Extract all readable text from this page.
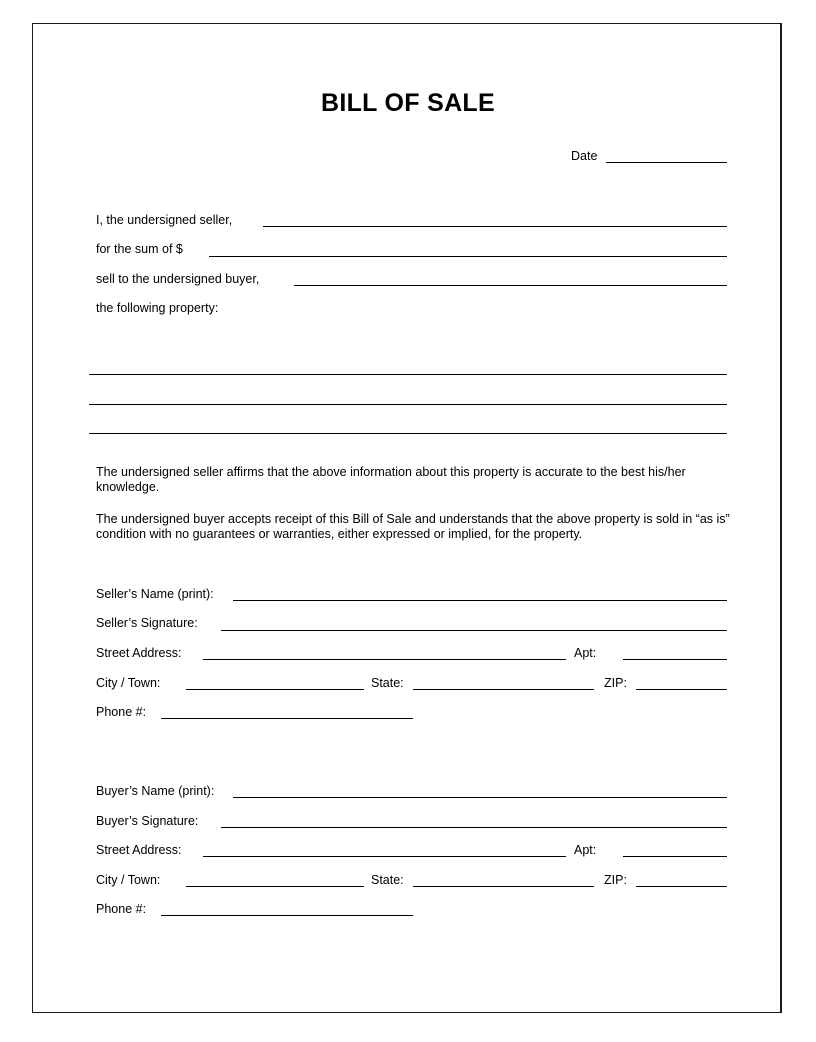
BILL OF SALE
Date
I, the undersigned seller,
for the sum of $
sell to the undersigned buyer,
the following property:
The undersigned seller affirms that the above information about this property is accurate to the best his/her knowledge.
The undersigned buyer accepts receipt of this Bill of Sale and understands that the above property is sold in “as is” condition with no guarantees or warranties, either expressed or implied, for the property.
Seller’s Name (print):
Seller’s Signature:
Street Address:	Apt:
City / Town:	State:	ZIP:
Phone #:
Buyer’s Name (print):
Buyer’s Signature:
Street Address:	Apt:
City / Town:	State:	ZIP:
Phone #:
